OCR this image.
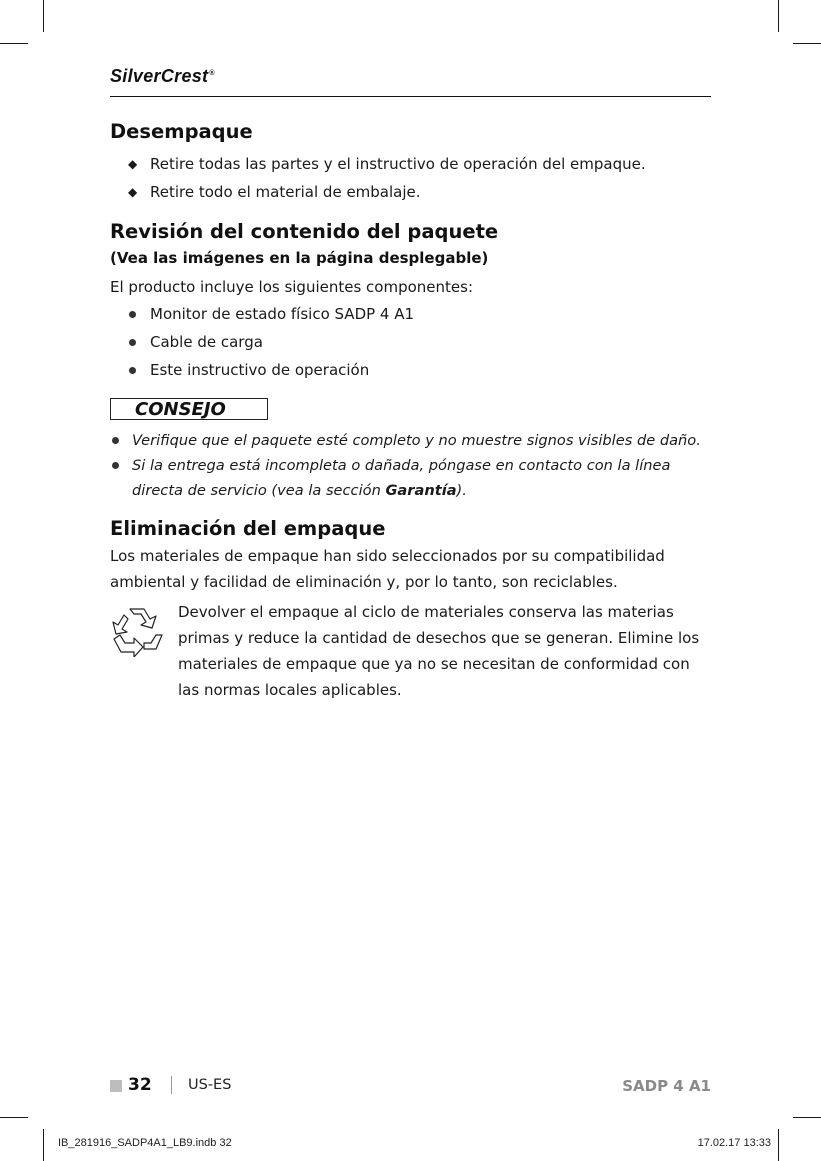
SilverCrest®
Desempaque
◆ Retire todas las partes y el instructivo de operación del empaque.
◆ Retire todo el material de embalaje.
Revisión del contenido del paquete

(Vea las imágenes en la página desplegable)

El producto incluye los siguientes componentes:

Monitor de estado físico SADP 4 A1
Cable de carga
Este instructivo de operación
CONSEJO
Verifique que el paquete esté completo y no muestre signos visibles de daño.
Si la entrega está incompleta o dañada, póngase en contacto con la línea
directa de servicio (vea la sección Garantía).
Eliminación del empaque

Los materiales de empaque han sido seleccionados por su compatibilidad
ambiental y facilidad de eliminación y, por lo tanto, son reciclables.

Devolver el empaque al ciclo de materiales conserva las materias
primas y reduce la cantidad de desechos que se generan. Elimine los
materiales de empaque que ya no se necesitan de conformidad con
las normas locales aplicables.

32	US-ES	SADP 4 A1
IB_281916_SADP4A1_LB9.indb 32	17.02.17 13:33
